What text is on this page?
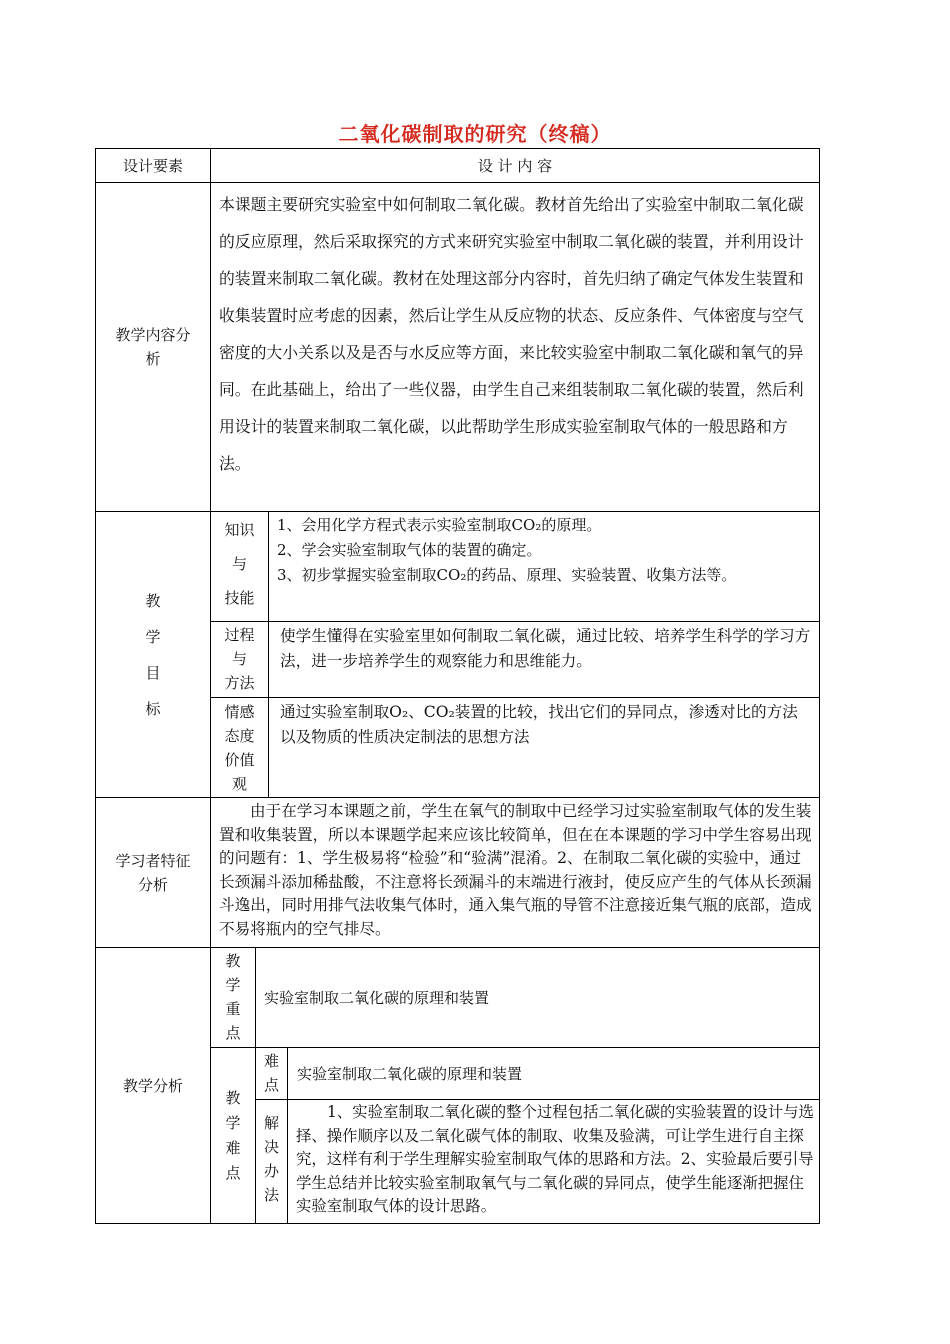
二氧化碳制取的研究（终稿）
设计要素	设 计 内 容
教学内容分
析
本课题主要研究实验室中如何制取二氧化碳。教材首先给出了实验室中制取二氧化碳的反应原理，然后采取探究的方式来研究实验室中制取二氧化碳的装置，并利用设计的装置来制取二氧化碳。教材在处理这部分内容时，首先归纳了确定气体发生装置和收集装置时应考虑的因素，然后让学生从反应物的状态、反应条件、气体密度与空气密度的大小关系以及是否与水反应等方面，来比较实验室中制取二氧化碳和氧气的异同。在此基础上，给出了一些仪器，由学生自己来组装制取二氧化碳的装置，然后利用设计的装置来制取二氧化碳，以此帮助学生形成实验室制取气体的一般思路和方法。
教
学
目
标
知识
与
技能
1、会用化学方程式表示实验室制取CO₂的原理。
2、学会实验室制取气体的装置的确定。
3、初步掌握实验室制取CO₂的药品、原理、实验装置、收集方法等。
过程
与
方法
使学生懂得在实验室里如何制取二氧化碳，通过比较、培养学生科学的学习方法，进一步培养学生的观察能力和思维能力。
情感
态度
价值
观
通过实验室制取O₂、CO₂装置的比较，找出它们的异同点，渗透对比的方法以及物质的性质决定制法的思想方法
学习者特征
分析
由于在学习本课题之前，学生在氧气的制取中已经学习过实验室制取气体的发生装置和收集装置，所以本课题学起来应该比较简单，但在在本课题的学习中学生容易出现的问题有：1、学生极易将“检验”和“验满”混淆。2、在制取二氧化碳的实验中，通过长颈漏斗添加稀盐酸，不注意将长颈漏斗的末端进行液封，使反应产生的气体从长颈漏斗逸出，同时用排气法收集气体时，通入集气瓶的导管不注意接近集气瓶的底部，造成不易将瓶内的空气排尽。
教学分析
教
学
重
点
实验室制取二氧化碳的原理和装置
教
学
难
点
难
点
实验室制取二氧化碳的原理和装置
解
决
办
法
1、实验室制取二氧化碳的整个过程包括二氧化碳的实验装置的设计与选择、操作顺序以及二氧化碳气体的制取、收集及验满，可让学生进行自主探究，这样有利于学生理解实验室制取气体的思路和方法。2、实验最后要引导学生总结并比较实验室制取氧气与二氧化碳的异同点，使学生能逐渐把握住实验室制取气体的设计思路。
